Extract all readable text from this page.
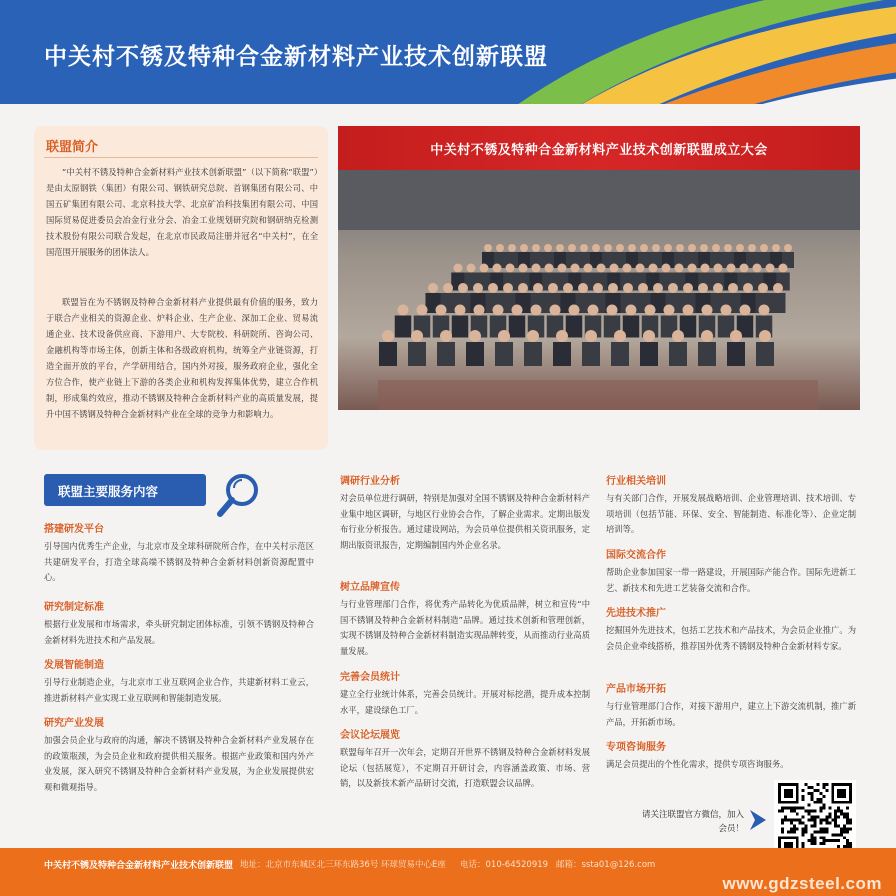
中关村不锈及特种合金新材料产业技术创新联盟
联盟简介
“中关村不锈及特种合金新材料产业技术创新联盟”（以下简称“联盟”）是由太原钢铁（集团）有限公司、钢铁研究总院、首钢集团有限公司、中国五矿集团有限公司、北京科技大学、北京矿冶科技集团有限公司、中国国际贸易促进委员会冶金行业分会、冶金工业规划研究院和钢研纳克检测技术股份有限公司联合发起，在北京市民政局注册并冠名“中关村”，在全国范围开展服务的团体法人。
联盟旨在为不锈钢及特种合金新材料产业提供最有价值的服务，致力于联合产业相关的资源企业、炉料企业、生产企业、深加工企业、贸易流通企业、技术设备供应商、下游用户、大专院校、科研院所、咨询公司、金融机构等市场主体，创新主体和各级政府机构，统筹全产业链资源，打造全面开放的平台，产学研用结合，国内外对接，服务政府企业，强化全方位合作，使产业链上下游的各类企业和机构发挥集体优势，建立合作机制，形成集约效应，推动不锈钢及特种合金新材料产业的高质量发展，提升中国不锈钢及特种合金新材料产业在全球的竞争力和影响力。
中关村不锈及特种合金新材料产业技术创新联盟成立大会
联盟主要服务内容
搭建研发平台
引导国内优秀生产企业，与北京市及全球科研院所合作，在中关村示范区共建研发平台，打造全球高端不锈钢及特种合金新材料创新资源配置中心。
研究制定标准
根据行业发展和市场需求，牵头研究制定团体标准，引领不锈钢及特种合金新材料先进技术和产品发展。
发展智能制造
引导行业制造企业，与北京市工业互联网企业合作，共建新材料工业云，推进新材料产业实现工业互联网和智能制造发展。
研究产业发展
加强会员企业与政府的沟通，解决不锈钢及特种合金新材料产业发展存在的政策瓶颈，为会员企业和政府提供相关服务。根据产业政策和国内外产业发展，深入研究不锈钢及特种合金新材料产业发展，为企业发展提供宏观和微观指导。
调研行业分析
对会员单位进行调研，特别是加强对全国不锈钢及特种合金新材料产业集中地区调研，与地区行业协会合作，了解企业需求。定期出版发布行业分析报告。通过建设网站，为会员单位提供相关资讯服务，定期出版资讯报告，定期编制国内外企业名录。
树立品牌宣传
与行业管理部门合作，将优秀产品转化为优质品牌，树立和宣传“中国不锈钢及特种合金新材料制造”品牌。通过技术创新和管理创新，实现不锈钢及特种合金新材料制造实现品牌转变，从而推动行业高质量发展。
完善会员统计
建立全行业统计体系，完善会员统计。开展对标挖潜，提升成本控制水平，建设绿色工厂。
会议论坛展览
联盟每年召开一次年会，定期召开世界不锈钢及特种合金新材料发展论坛（包括展览），不定期召开研讨会，内容涵盖政策、市场、营销，以及新技术新产品研讨交流，打造联盟会议品牌。
行业相关培训
与有关部门合作，开展发展战略培训、企业管理培训、技术培训、专项培训（包括节能、环保、安全、智能制造、标准化等）、企业定制培训等。
国际交流合作
帮助企业参加国家一带一路建设，开展国际产能合作。国际先进新工艺、新技术和先进工艺装备交流和合作。
先进技术推广
挖掘国外先进技术，包括工艺技术和产品技术，为会员企业推广。为会员企业牵线搭桥，推荐国外优秀不锈钢及特种合金新材料专家。
产品市场开拓
与行业管理部门合作，对接下游用户，建立上下游交流机制，推广新产品，开拓新市场。
专项咨询服务
满足会员提出的个性化需求，提供专项咨询服务。
请关注联盟官方微信，加入会员！
中关村不锈及特种合金新材料产业技术创新联盟 地址：北京市东城区北三环东路36号 环球贸易中心E座 电话：010-64520919 邮箱：ssta01@126.com
www.gdzsteel.com
